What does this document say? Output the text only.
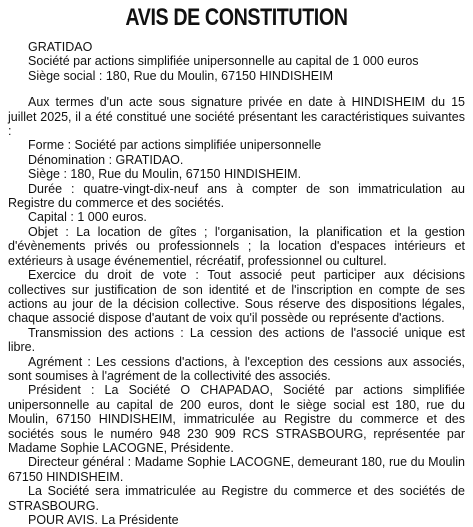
AVIS DE CONSTITUTION

GRATIDAO

Société par actions simplifiée unipersonnelle au capital de 1 000 euros

Siège social : 180, Rue du Moulin, 67150 HINDISHEIM

Aux termes d'un acte sous signature privée en date à HINDISHEIM du 15 juillet 2025, il a été constitué une société présentant les caractéristiques suivantes :

Forme : Société par actions simplifiée unipersonnelle

Dénomination : GRATIDAO.

Siège : 180, Rue du Moulin, 67150 HINDISHEIM.

Durée : quatre-vingt-dix-neuf ans à compter de son immatriculation au Registre du commerce et des sociétés.

Capital : 1 000 euros.

Objet : La location de gîtes ; l'organisation, la planification et la gestion d'évènements privés ou professionnels ; la location d'espaces intérieurs et extérieurs à usage événementiel, récréatif, professionnel ou culturel.

Exercice du droit de vote : Tout associé peut participer aux décisions collectives sur justification de son identité et de l'inscription en compte de ses actions au jour de la décision collective. Sous réserve des dispositions légales, chaque associé dispose d'autant de voix qu'il possède ou représente d'actions.

Transmission des actions : La cession des actions de l'associé unique est libre.

Agrément : Les cessions d'actions, à l'exception des cessions aux associés, sont soumises à l'agrément de la collectivité des associés.

Président : La Société O CHAPADAO, Société par actions simplifiée unipersonnelle au capital de 200 euros, dont le siège social est 180, rue du Moulin, 67150 HINDISHEIM, immatriculée au Registre du commerce et des sociétés sous le numéro 948 230 909 RCS STRASBOURG, représentée par Madame Sophie LACOGNE, Présidente.

Directeur général : Madame Sophie LACOGNE, demeurant 180, rue du Moulin 67150 HINDISHEIM.

La Société sera immatriculée au Registre du commerce et des sociétés de STRASBOURG.

POUR AVIS. La Présidente
